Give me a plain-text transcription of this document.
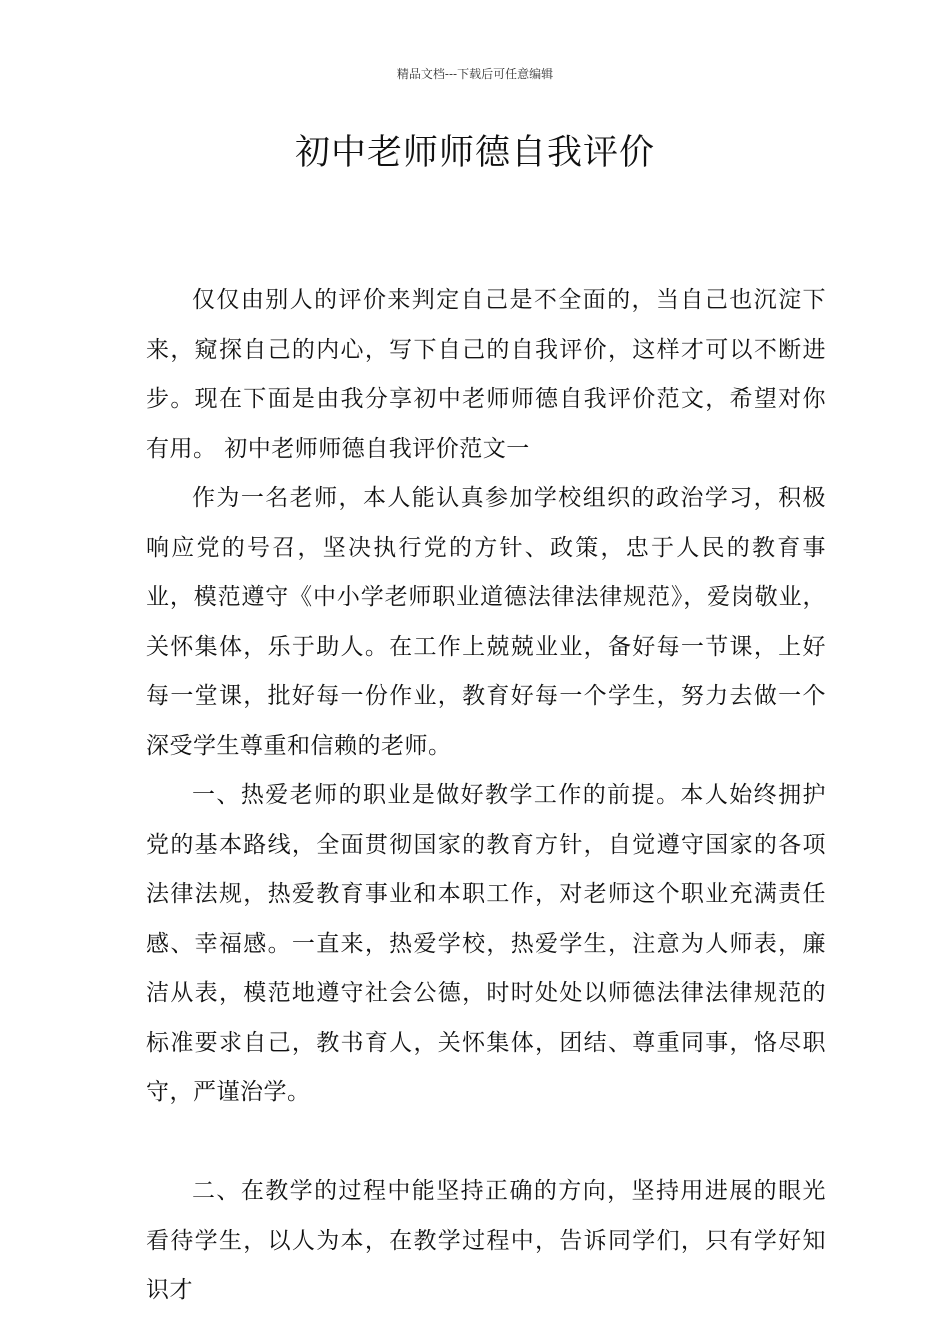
精品文档---下载后可任意编辑
初中老师师德自我评价

仅仅由别人的评价来判定自己是不全面的，当自己也沉淀下来，窥探自己的内心，写下自己的自我评价，这样才可以不断进步。现在下面是由我分享初中老师师德自我评价范文，希望对你有用。 初中老师师德自我评价范文一

作为一名老师，本人能认真参加学校组织的政治学习，积极响应党的号召，坚决执行党的方针、政策，忠于人民的教育事业，模范遵守《中小学老师职业道德法律法律规范》，爱岗敬业，关怀集体，乐于助人。在工作上兢兢业业，备好每一节课，上好每一堂课，批好每一份作业，教育好每一个学生，努力去做一个深受学生尊重和信赖的老师。

一、热爱老师的职业是做好教学工作的前提。本人始终拥护党的基本路线，全面贯彻国家的教育方针，自觉遵守国家的各项法律法规，热爱教育事业和本职工作，对老师这个职业充满责任感、幸福感。一直来，热爱学校，热爱学生，注意为人师表，廉洁从表，模范地遵守社会公德，时时处处以师德法律法律规范的标准要求自己，教书育人，关怀集体，团结、尊重同事，恪尽职守，严谨治学。

二、在教学的过程中能坚持正确的方向，坚持用进展的眼光看待学生，以人为本，在教学过程中，告诉同学们，只有学好知识才
